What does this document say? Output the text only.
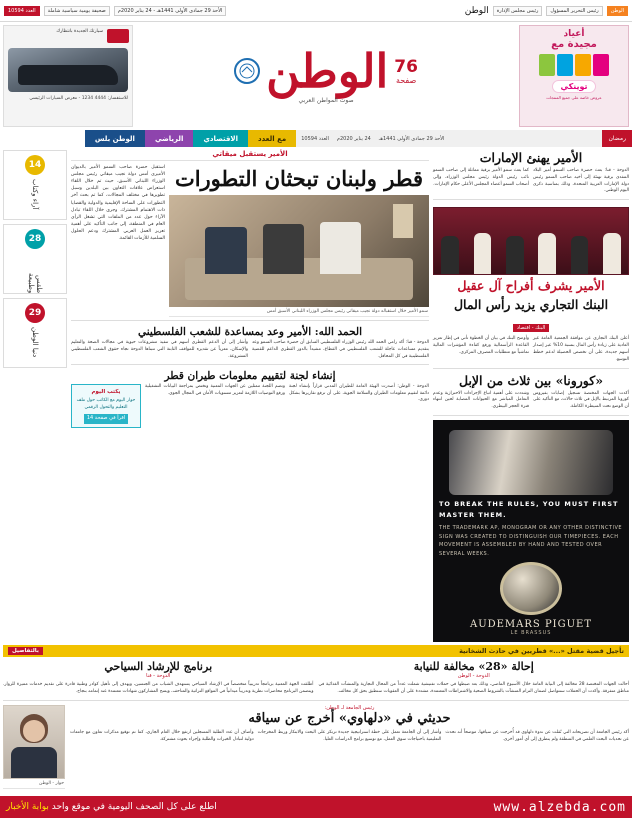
الوطن
رئيس التحرير المسؤول
رئيس مجلس الإدارة
الوطن
الأحد 29 جمادى الأولى 1441هـ - 24 يناير 2020م
صحيفة يومية سياسية شاملة
العدد 10594
أعياد
مجيدة مع
توينكي
عروض خاصة على جميع المنتجات
76
صفحة
الوطن
صوت المواطن العربي
سيارتك الجديدة بانتظارك
للاستفسار: 4444 1234 - معرض السيارات الرئيسي
رمضان
الأحد 29 جمادى الأولى 1441هـ
24 يناير 2020م
العدد 10594
مع العدد
الاقتصادي
الرياضي
الوطن بلس
الأمير يهنئ الإمارات
الدوحة - قنا: بعث حضرة صاحب السمو أمير البلاد المفدى برقية تهنئة إلى أخيه صاحب السمو رئيس دولة الإمارات العربية المتحدة، وذلك بمناسبة ذكرى اليوم الوطني.
كما بعث سمو الأمير برقية مماثلة إلى صاحب السمو نائب رئيس الدولة رئيس مجلس الوزراء، وإلى أصحاب السمو أعضاء المجلس الأعلى حكام الإمارات.
الأمير يشرف أفراح آل عقيل
البنك التجاري يزيد رأس المال
البنك - اقتصاد
أعلن البنك التجاري عن موافقة الجمعية العامة غير العادية على زيادة رأس المال بنسبة 10% عبر إصدار أسهم جديدة، على أن تخصص الحصيلة لدعم خطط التوسع.
وأوضح البنك في بيان أن الخطوة تأتي في إطار تعزيز القاعدة الرأسمالية ورفع كفاءة المؤشرات المالية تماشياً مع متطلبات المصرف المركزي.
«كورونا» بين ثلاث من الإبل
أكدت الجهات المختصة تسجيل إصابات بفيروس كورونا المرتبط بالإبل في ثلاث حالات، مع التأكيد على أن الوضع تحت السيطرة الكاملة.
وشددت على أهمية اتباع الإجراءات الاحترازية وعدم التعامل المباشر مع الحيوانات المصابة لحين انتهاء فترة الحجر البيطري.
TO BREAK THE RULES, YOU MUST FIRST MASTER THEM.
THE TRADEMARK AP, MONOGRAM OR ANY OTHER DISTINCTIVE SIGN WAS CREATED TO DISTINGUISH OUR TIMEPIECES. EACH MOVEMENT IS ASSEMBLED BY HAND AND TESTED OVER SEVERAL WEEKS.
AUDEMARS PIGUET
LE BRASSUS
الأمير يستقبل ميقاتي
قطر ولبنان تبحثان التطورات
سمو الأمير خلال استقباله دولة نجيب ميقاتي رئيس مجلس الوزراء اللبناني الأسبق أمس
استقبل حضرة صاحب السمو الأمير بالديوان الأميري أمس دولة نجيب ميقاتي رئيس مجلس الوزراء اللبناني الأسبق، حيث تم خلال اللقاء استعراض علاقات التعاون بين البلدين وسبل تطويرها في مختلف المجالات، كما تم بحث آخر التطورات على الساحة الإقليمية والدولية والقضايا ذات الاهتمام المشترك. وجرى خلال اللقاء تبادل الآراء حول عدد من الملفات التي تشغل الرأي العام في المنطقة، إلى جانب التأكيد على أهمية تعزيز العمل العربي المشترك ودعم الحلول السلمية للأزمات القائمة.
الحمد الله: الأمير وعد بمساعدة للشعب الفلسطيني
الدوحة - قنا: أكد رامي الحمد الله رئيس الوزراء الفلسطيني السابق أن حضرة صاحب السمو وعد بتقديم مساعدات عاجلة للشعب الفلسطيني في القطاع، مشيداً بالدور القطري الداعم للقضية الفلسطينية في كل المحافل.
وأشار إلى أن الدعم القطري أسهم في تنفيذ مشروعات حيوية في مجالات الصحة والتعليم والإسكان، معرباً عن تقديره للمواقف الثابتة التي تتبناها الدوحة تجاه حقوق الشعب الفلسطيني المشروعة.
إنشاء لجنة لتقييم معلومات طيران قطر
الدوحة - الوطن: أصدرت الهيئة العامة للطيران المدني قراراً بإنشاء لجنة دائمة لتقييم معلومات الطيران والسلامة الجوية، على أن ترفع تقاريرها بشكل دوري.
وتضم اللجنة ممثلين عن الجهات المعنية وتختص بمراجعة البيانات التشغيلية ورفع التوصيات اللازمة لتعزيز مستويات الأمان في المجال الجوي.
يكتب اليوم
حوار اليوم مع الكاتب حول ملف التعليم والتحول الرقمي اقرأ في صفحة 14
14
آراء وكتاب
28
طقس وطبيعة
29
دنيا الوطن
تأجيل قضية مقتل «...» قطريين في حادث الشخانية
بالتفاصيل
إحالة «28» مخالفة للنيابة
الدوحة - الوطن
أحالت الجهات المختصة 28 مخالفة إلى النيابة العامة خلال الأسبوع الماضي، وذلك بعد ضبطها في حملات تفتيشية شملت عدداً من المحال التجارية والمنشآت الغذائية في مناطق متفرقة. وأكدت أن الحملات ستتواصل لضمان التزام المنشآت بالشروط الصحية والاشتراطات المعتمدة، مشددة على أن العقوبات ستطبق بحق كل مخالف.
برنامج للإرشاد السياحي
الدوحة - قنا
أطلقت الجهة المعنية برنامجاً تدريبياً متخصصاً في الإرشاد السياحي يستهدف الشباب من الجنسين، ويهدف إلى تأهيل كوادر وطنية قادرة على تقديم خدمات مميزة للزوار. ويتضمن البرنامج محاضرات نظرية وتدريباً ميدانياً في المواقع التراثية والمتاحف، ويمنح المشاركون شهادات معتمدة عند إتمامه بنجاح.
رئيس الجامعة لـ الوطن:
حديثي في «دلهاوي» أخرج عن سياقه
أكد رئيس الجامعة أن تصريحاته التي نُقلت عن ندوة دلهاوي قد أُخرجت عن سياقها، موضحاً أنه تحدث عن تحديات البحث العلمي في المنطقة ولم يتطرق إلى أي أمور أخرى.
وأشار إلى أن الجامعة تعمل على خطة استراتيجية جديدة ترتكز على البحث والابتكار وربط المخرجات التعليمية باحتياجات سوق العمل، مع توسيع برامج الدراسات العليا.
وأضاف أن عدد الطلبة المسجلين ارتفع خلال العام الجاري، كما تم توقيع مذكرات تعاون مع جامعات دولية لتبادل الخبرات والطلبة وإجراء بحوث مشتركة.
حوار - الوطن
www.alzebda.com
اطلع على كل الصحف اليومية في موقع واحد بوابة الأخبار
